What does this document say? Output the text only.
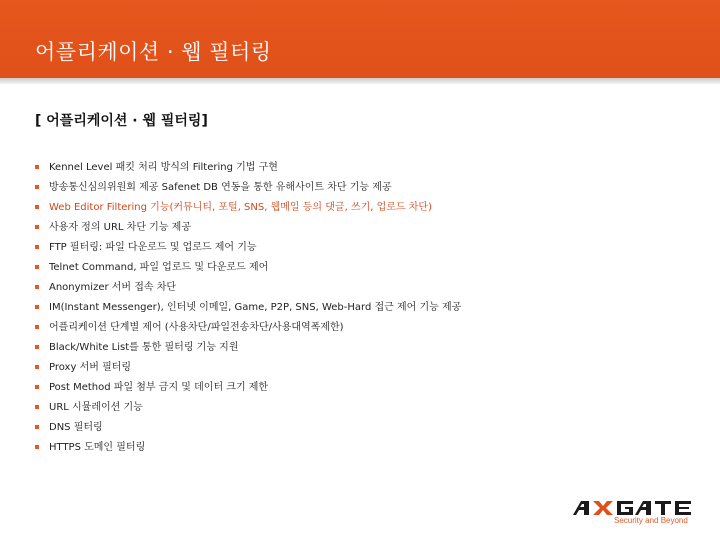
어플리케이션 · 웹 필터링
[ 어플리케이션 · 웹 필터링]
Kennel Level 패킷 처리 방식의 Filtering 기법 구현
방송통신심의위원회 제공 Safenet DB 연동을 통한 유해사이트 차단 기능 제공
Web Editor Filtering 기능(커뮤니티, 포털, SNS, 웹메일 등의 댓글, 쓰기, 업로드 차단)
사용자 정의 URL 차단 기능 제공
FTP 필터링: 파일 다운로드 및 업로드 제어 기능
Telnet Command, 파일 업로드 및 다운로드 제어
Anonymizer 서버 접속 차단
IM(Instant Messenger), 인터넷 이메일, Game, P2P, SNS, Web-Hard 접근 제어 기능 제공
어플리케이션 단계별 제어 (사용차단/파일전송차단/사용대역폭제한)
Black/White List를 통한 필터링 기능 지원
Proxy 서버 필터링
Post Method 파일 첨부 금지 및 데이터 크기 제한
URL 시뮬레이션 기능
DNS 필터링
HTTPS 도메인 필터링
Security and Beyond
